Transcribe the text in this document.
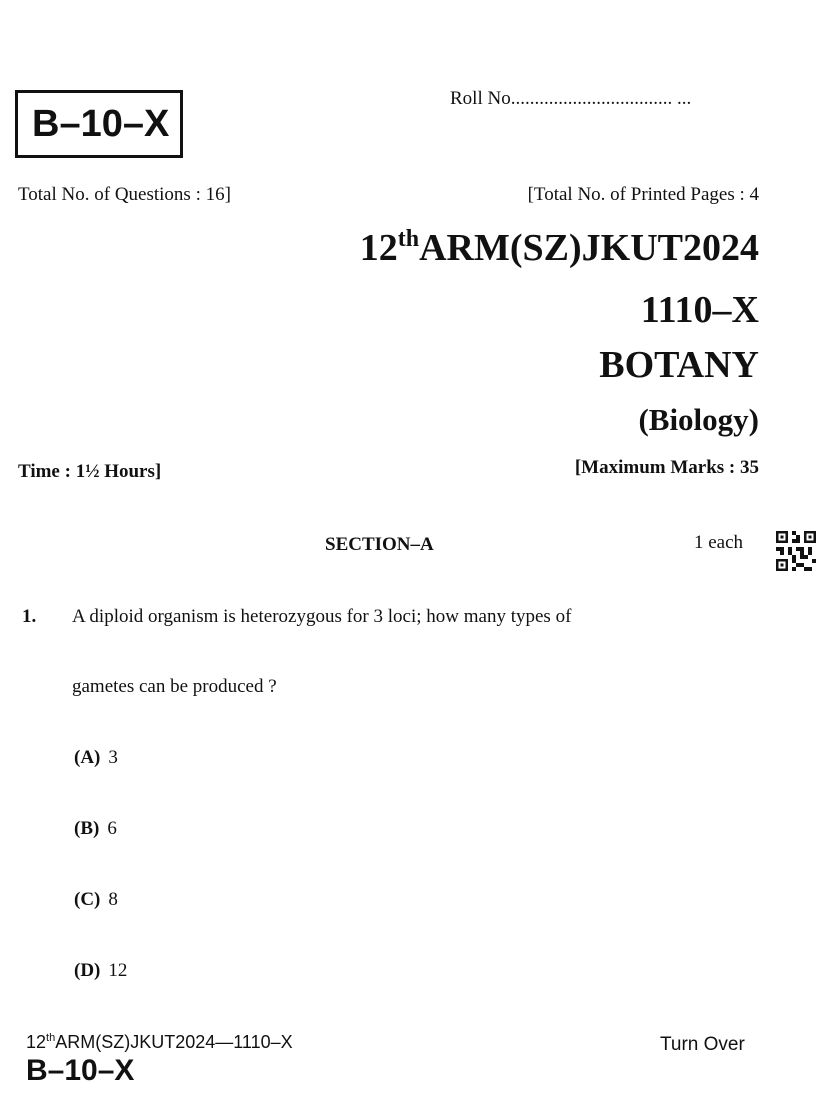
B–10–X
Roll No.................................. ...
Total No. of Questions : 16]	[Total No. of Printed Pages : 4
12thARM(SZ)JKUT2024
1110–X
BOTANY
(Biology)
Time : 1½ Hours]	[Maximum Marks : 35
SECTION–A	1 each
1. A diploid organism is heterozygous for 3 loci; how many types of
gametes can be produced ?
(A) 3
(B) 6
(C) 8
(D) 12
12thARM(SZ)JKUT2024—1110–X
B–10–X
Turn Over
